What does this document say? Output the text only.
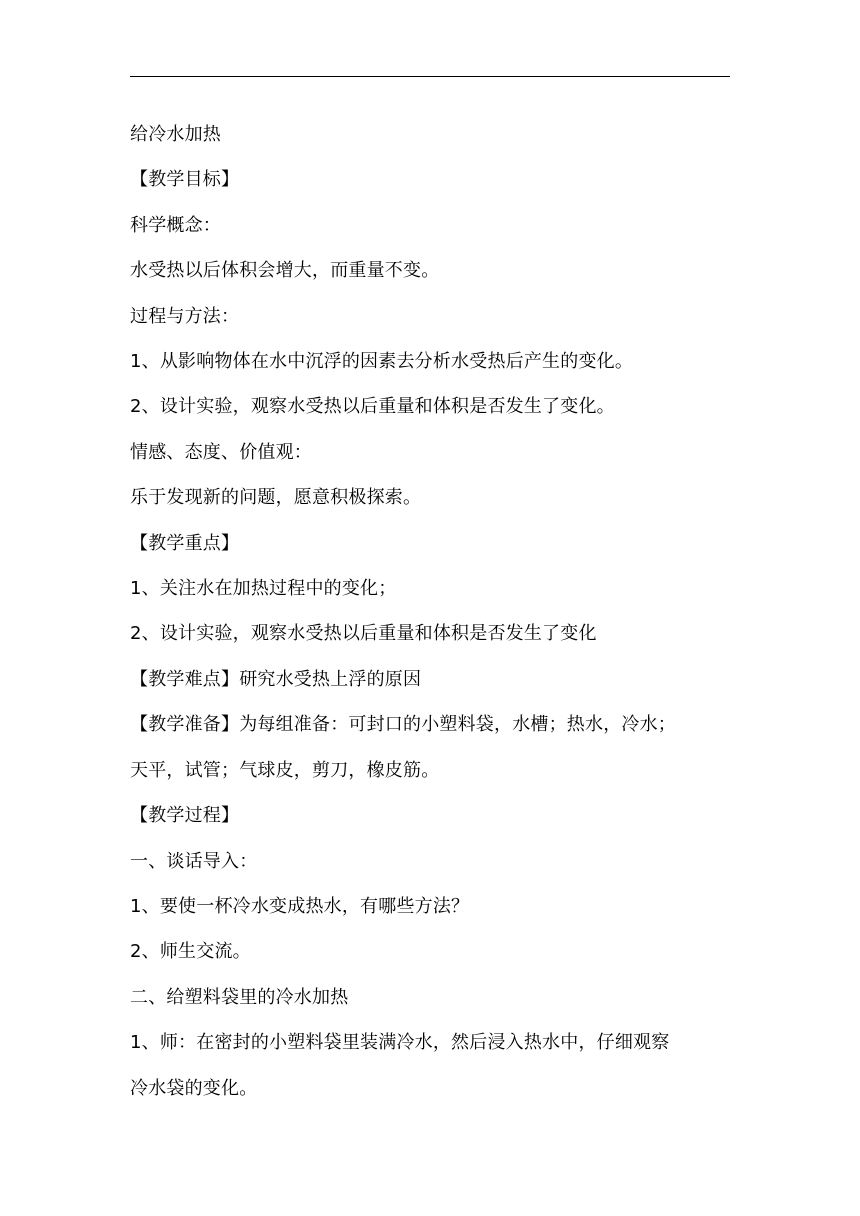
给冷水加热
【教学目标】
科学概念：
水受热以后体积会增大，而重量不变。
过程与方法：
1、从影响物体在水中沉浮的因素去分析水受热后产生的变化。
2、设计实验，观察水受热以后重量和体积是否发生了变化。
情感、态度、价值观：
乐于发现新的问题，愿意积极探索。
【教学重点】
1、关注水在加热过程中的变化；
2、设计实验，观察水受热以后重量和体积是否发生了变化
【教学难点】研究水受热上浮的原因
【教学准备】为每组准备：可封口的小塑料袋，水槽；热水，冷水；
天平，试管；气球皮，剪刀，橡皮筋。
【教学过程】
一、谈话导入：
1、要使一杯冷水变成热水，有哪些方法？
2、师生交流。
二、给塑料袋里的冷水加热
1、师：在密封的小塑料袋里装满冷水，然后浸入热水中，仔细观察
冷水袋的变化。
